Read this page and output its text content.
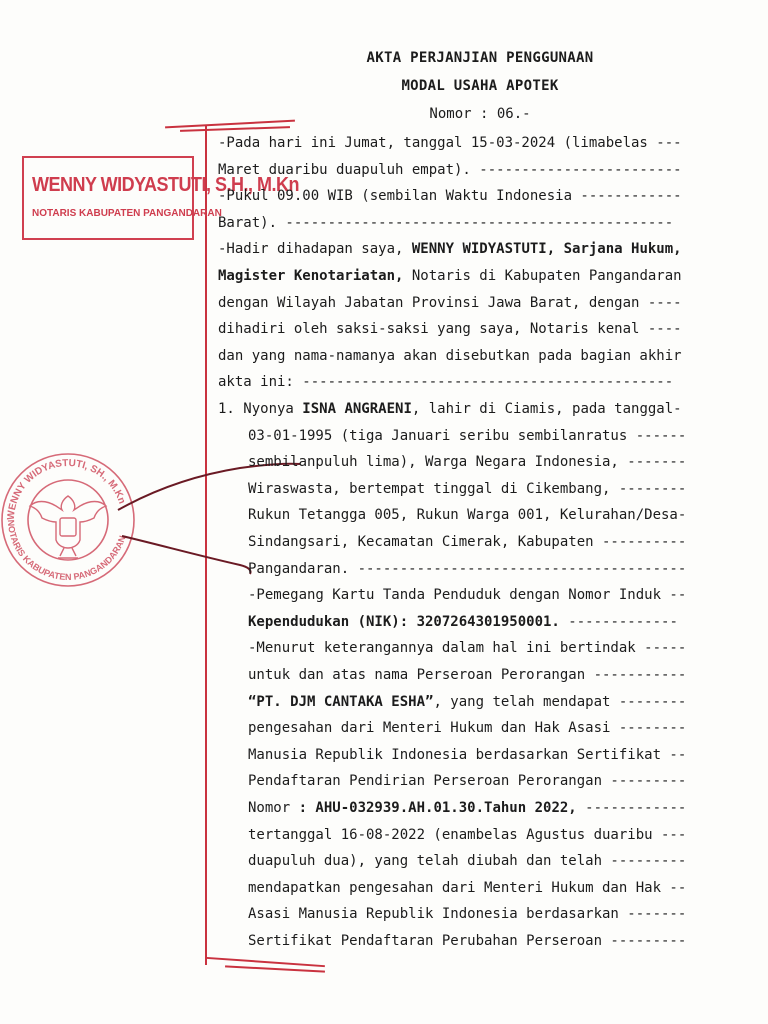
AKTA PERJANJIAN PENGGUNAAN
MODAL USAHA APOTEK
Nomor : 06.-
WENNY WIDYASTUTI, S.H., M.Kn
NOTARIS KABUPATEN PANGANDARAN
WENNY WIDYASTUTI, SH., M.Kn
NOTARIS KABUPATEN PANGANDARAN
-Pada hari ini Jumat, tanggal 15-03-2024 (limabelas ---
Maret duaribu duapuluh empat). ------------------------
-Pukul 09.00 WIB (sembilan Waktu Indonesia ------------
Barat). ----------------------------------------------
-Hadir dihadapan saya, WENNY WIDYASTUTI, Sarjana Hukum,
Magister Kenotariatan, Notaris di Kabupaten Pangandaran
dengan Wilayah Jabatan Provinsi Jawa Barat, dengan ----
dihadiri oleh saksi-saksi yang saya, Notaris kenal ----
dan yang nama-namanya akan disebutkan pada bagian akhir
akta ini: --------------------------------------------
1. Nyonya ISNA ANGRAENI, lahir di Ciamis, pada tanggal-
03-01-1995 (tiga Januari seribu sembilanratus ------
sembilanpuluh lima), Warga Negara Indonesia, -------
Wiraswasta, bertempat tinggal di Cikembang, --------
Rukun Tetangga 005, Rukun Warga 001, Kelurahan/Desa-
Sindangsari, Kecamatan Cimerak, Kabupaten ----------
Pangandaran. ---------------------------------------
-Pemegang Kartu Tanda Penduduk dengan Nomor Induk --
Kependudukan (NIK): 3207264301950001. -------------
-Menurut keterangannya dalam hal ini bertindak -----
untuk dan atas nama Perseroan Perorangan -----------
“PT. DJM CANTAKA ESHA”, yang telah mendapat --------
pengesahan dari Menteri Hukum dan Hak Asasi --------
Manusia Republik Indonesia berdasarkan Sertifikat --
Pendaftaran Pendirian Perseroan Perorangan ---------
Nomor : AHU-032939.AH.01.30.Tahun 2022, ------------
tertanggal 16-08-2022 (enambelas Agustus duaribu ---
duapuluh dua), yang telah diubah dan telah ---------
mendapatkan pengesahan dari Menteri Hukum dan Hak --
Asasi Manusia Republik Indonesia berdasarkan -------
Sertifikat Pendaftaran Perubahan Perseroan ---------
